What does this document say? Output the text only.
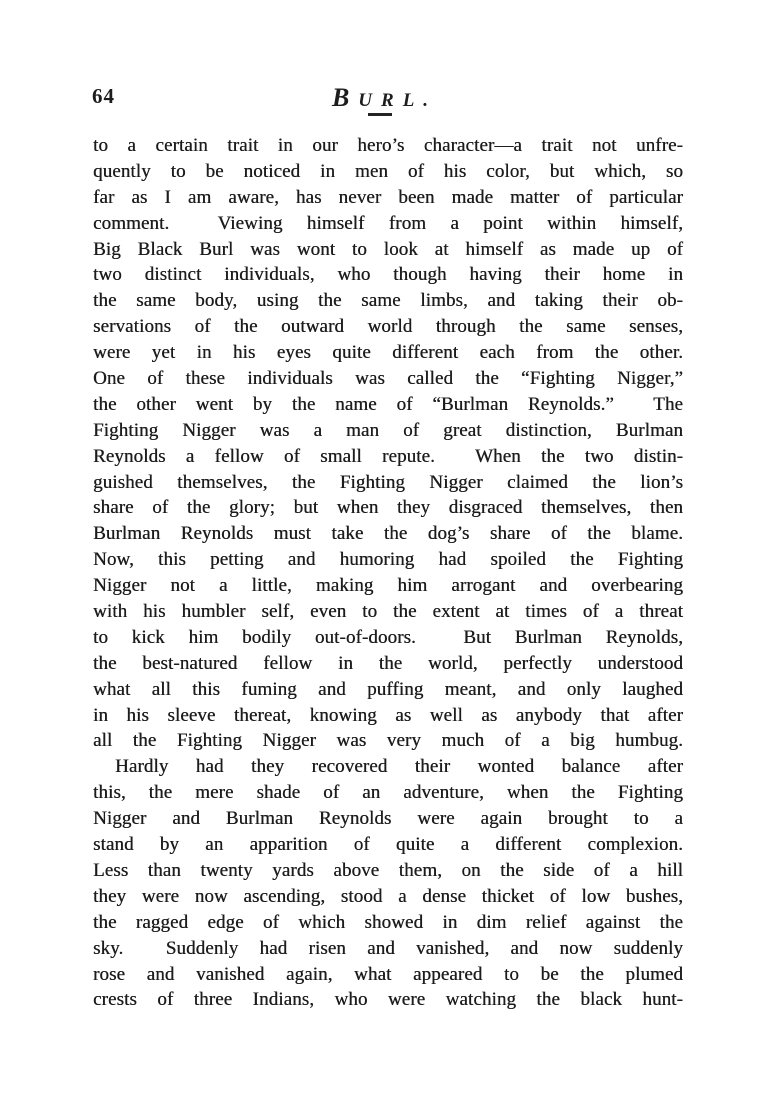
64	BURL.
to a certain trait in our hero’s character—a trait not unfre-
quently to be noticed in men of his color, but which, so
far as I am aware, has never been made matter of particular
comment.  Viewing himself from a point within himself,
Big Black Burl was wont to look at himself as made up of
two distinct individuals, who though having their home in
the same body, using the same limbs, and taking their ob-
servations of the outward world through the same senses,
were yet in his eyes quite different each from the other.
One of these individuals was called the “Fighting Nigger,”
the other went by the name of “Burlman Reynolds.”  The
Fighting Nigger was a man of great distinction, Burlman
Reynolds a fellow of small repute.  When the two distin-
guished themselves, the Fighting Nigger claimed the lion’s
share of the glory; but when they disgraced themselves, then
Burlman Reynolds must take the dog’s share of the blame.
Now, this petting and humoring had spoiled the Fighting
Nigger not a little, making him arrogant and overbearing
with his humbler self, even to the extent at times of a threat
to kick him bodily out-of-doors.  But Burlman Reynolds,
the best-natured fellow in the world, perfectly understood
what all this fuming and puffing meant, and only laughed
in his sleeve thereat, knowing as well as anybody that after
all the Fighting Nigger was very much of a big humbug.
Hardly had they recovered their wonted balance after
this, the mere shade of an adventure, when the Fighting
Nigger and Burlman Reynolds were again brought to a
stand by an apparition of quite a different complexion.
Less than twenty yards above them, on the side of a hill
they were now ascending, stood a dense thicket of low bushes,
the ragged edge of which showed in dim relief against the
sky.  Suddenly had risen and vanished, and now suddenly
rose and vanished again, what appeared to be the plumed
crests of three Indians, who were watching the black hunt-
